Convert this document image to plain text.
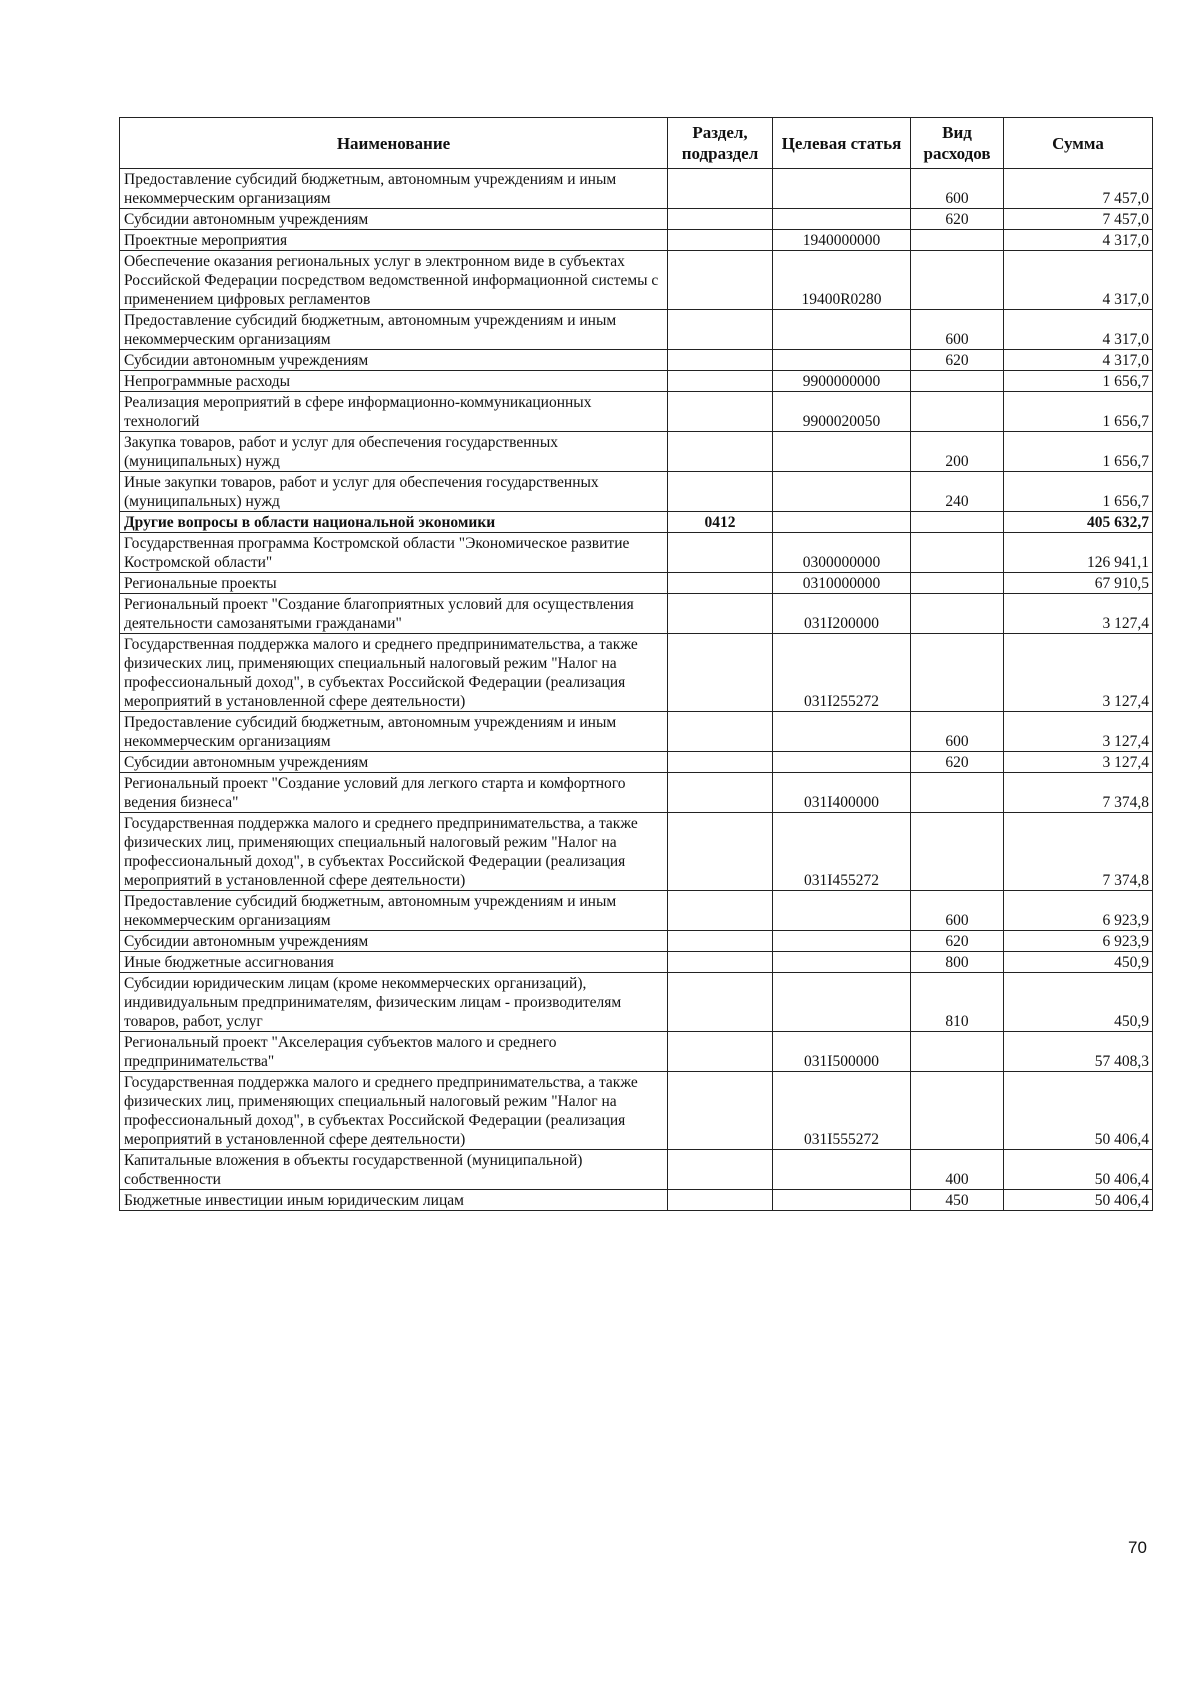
Наименование	Раздел, подраздел	Целевая статья	Вид расходов	Сумма
Предоставление субсидий бюджетным, автономным учреждениям и иным некоммерческим организациям			600	7 457,0
Субсидии автономным учреждениям			620	7 457,0
Проектные мероприятия		1940000000		4 317,0
Обеспечение оказания региональных услуг в электронном виде в субъектах Российской Федерации посредством ведомственной информационной системы с применением цифровых регламентов		19400R0280		4 317,0
Предоставление субсидий бюджетным, автономным учреждениям и иным некоммерческим организациям			600	4 317,0
Субсидии автономным учреждениям			620	4 317,0
Непрограммные расходы		9900000000		1 656,7
Реализация мероприятий в сфере информационно-коммуникационных технологий		9900020050		1 656,7
Закупка товаров, работ и услуг для обеспечения государственных (муниципальных) нужд			200	1 656,7
Иные закупки товаров, работ и услуг для обеспечения государственных (муниципальных) нужд			240	1 656,7
Другие вопросы в области национальной экономики	0412			405 632,7
Государственная программа Костромской области "Экономическое развитие Костромской области"		0300000000		126 941,1
Региональные проекты		0310000000		67 910,5
Региональный проект "Создание благоприятных условий для осуществления деятельности самозанятыми гражданами"		031I200000		3 127,4
Государственная поддержка малого и среднего предпринимательства, а также физических лиц, применяющих специальный налоговый режим "Налог на профессиональный доход", в субъектах Российской Федерации (реализация мероприятий в установленной сфере деятельности)		031I255272		3 127,4
Предоставление субсидий бюджетным, автономным учреждениям и иным некоммерческим организациям			600	3 127,4
Субсидии автономным учреждениям			620	3 127,4
Региональный проект "Создание условий для легкого старта и комфортного ведения бизнеса"		031I400000		7 374,8
Государственная поддержка малого и среднего предпринимательства, а также физических лиц, применяющих специальный налоговый режим "Налог на профессиональный доход", в субъектах Российской Федерации (реализация мероприятий в установленной сфере деятельности)		031I455272		7 374,8
Предоставление субсидий бюджетным, автономным учреждениям и иным некоммерческим организациям			600	6 923,9
Субсидии автономным учреждениям			620	6 923,9
Иные бюджетные ассигнования			800	450,9
Субсидии юридическим лицам (кроме некоммерческих организаций), индивидуальным предпринимателям, физическим лицам - производителям товаров, работ, услуг			810	450,9
Региональный проект "Акселерация субъектов малого и среднего предпринимательства"		031I500000		57 408,3
Государственная поддержка малого и среднего предпринимательства, а также физических лиц, применяющих специальный налоговый режим "Налог на профессиональный доход", в субъектах Российской Федерации (реализация мероприятий в установленной сфере деятельности)		031I555272		50 406,4
Капитальные вложения в объекты государственной (муниципальной) собственности			400	50 406,4
Бюджетные инвестиции иным юридическим лицам			450	50 406,4
70
